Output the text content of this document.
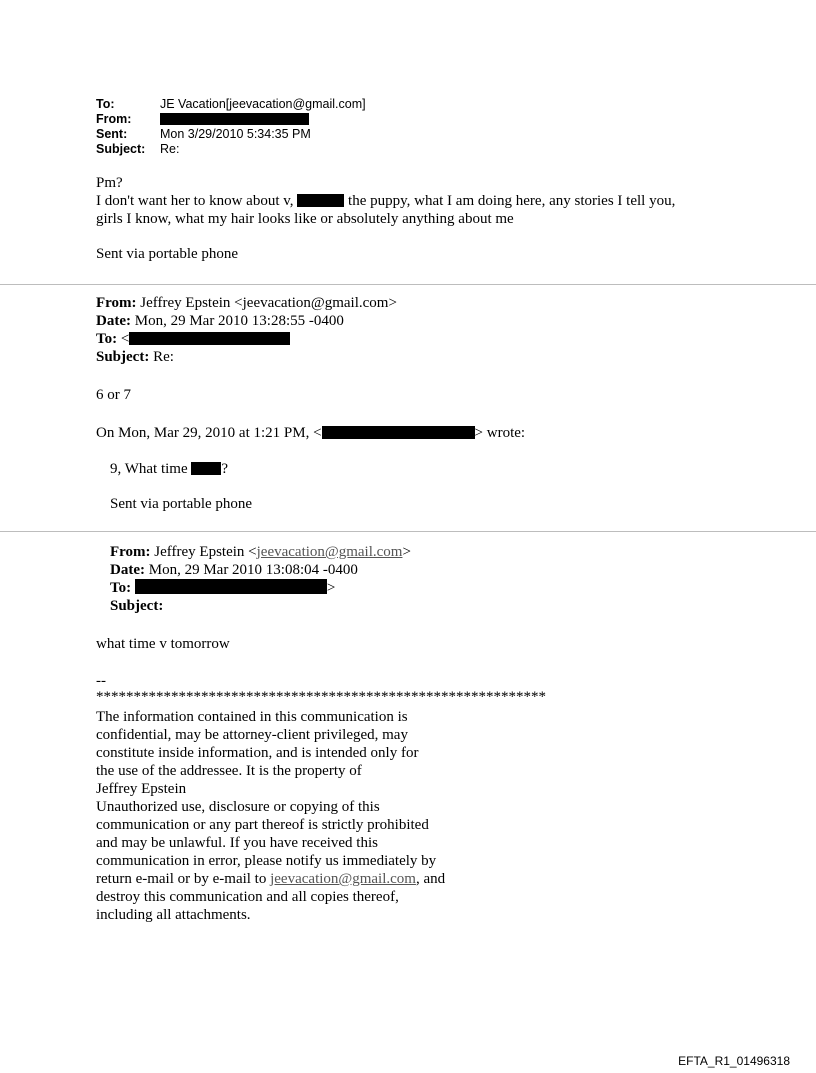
To:	JE Vacation[jeevacation@gmail.com]
From:
Sent:	Mon 3/29/2010 5:34:35 PM
Subject: Re:
Pm?
I don't want her to know about v,	the puppy, what I am doing here, any stories I tell you,
girls I know, what my hair looks like or absolutely anything about me
Sent via portable phone
From: Jeffrey Epstein <jeevacation@gmail.com>
Date: Mon, 29 Mar 2010 13:28:55 -0400
To: <
Subject: Re:
6 or 7
On Mon, Mar 29, 2010 at 1:21 PM, <	> wrote:
9, What time ?
Sent via portable phone
From: Jeffrey Epstein <jeevacation@gmail.com>
Date: Mon, 29 Mar 2010 13:08:04 -0400
To:	>
Subject:
what time v tomorrow
--
************************************************************
The information contained in this communication is
confidential, may be attorney-client privileged, may
constitute inside information, and is intended only for
the use of the addressee. It is the property of
Jeffrey Epstein
Unauthorized use, disclosure or copying of this
communication or any part thereof is strictly prohibited
and may be unlawful. If you have received this
communication in error, please notify us immediately by
return e-mail or by e-mail to jeevacation@gmail.com, and
destroy this communication and all copies thereof,
including all attachments.
EFTA_R1_01496318
